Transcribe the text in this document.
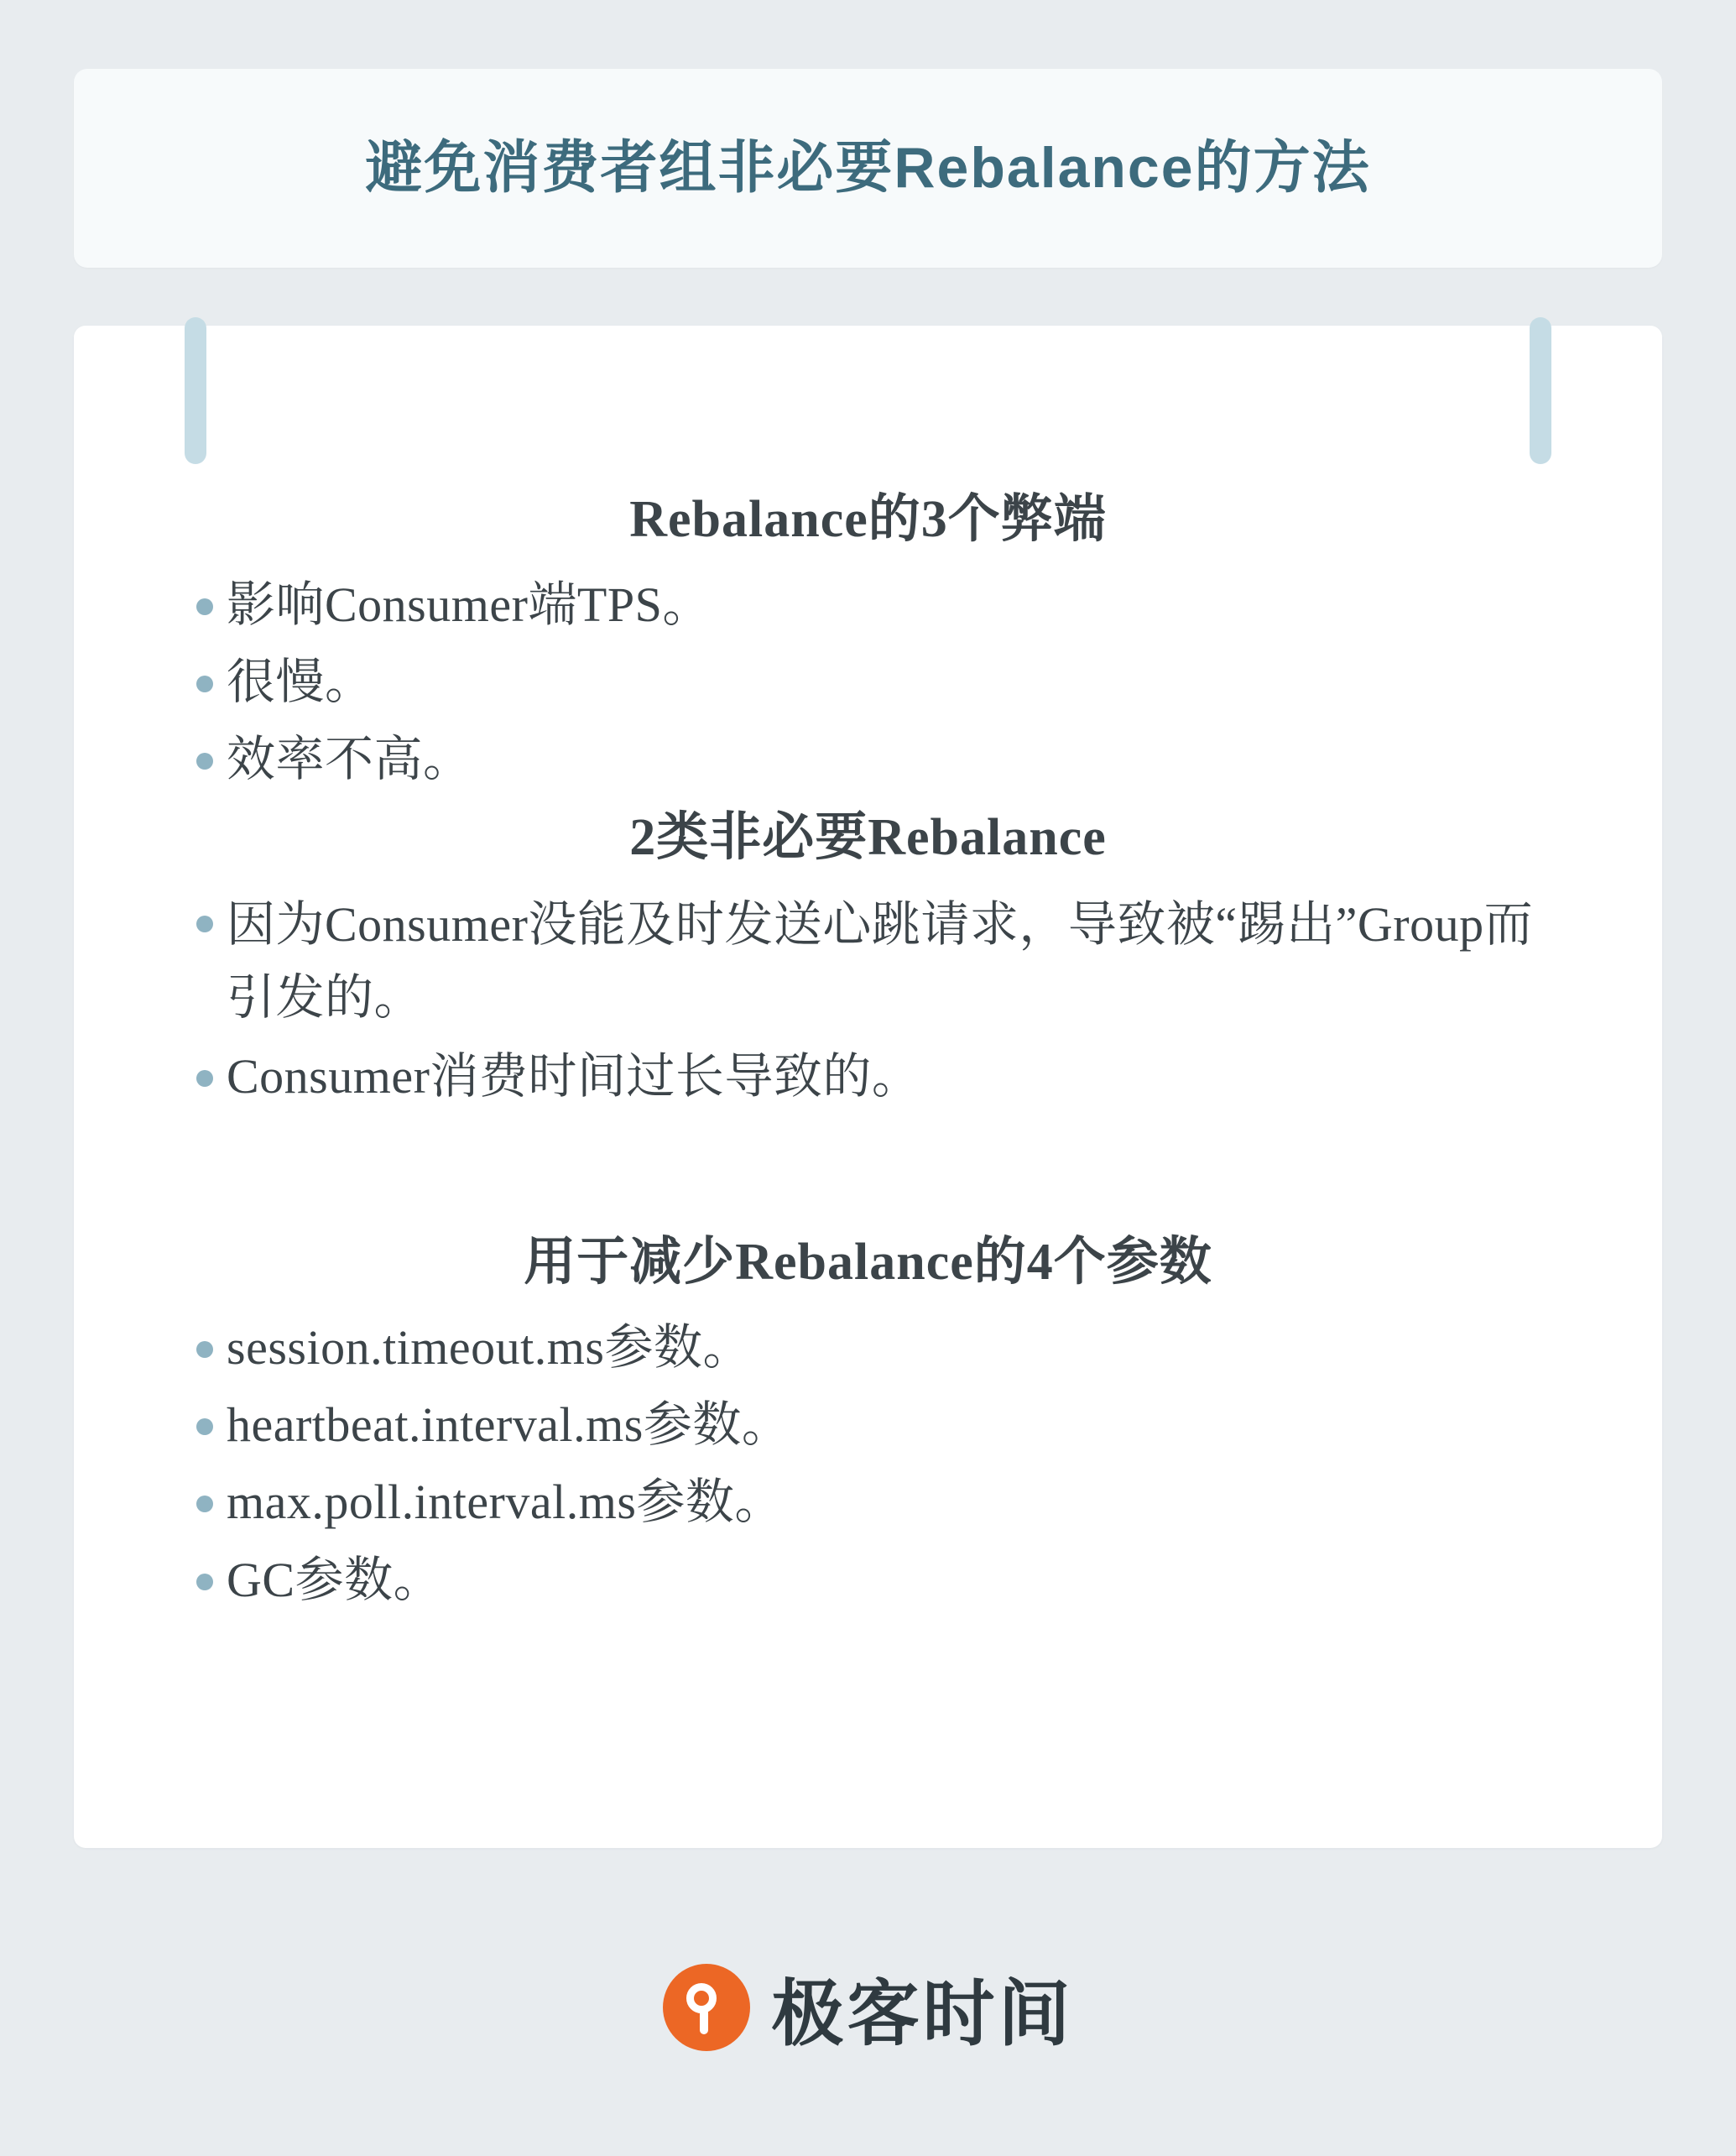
避免消费者组非必要Rebalance的方法
Rebalance的3个弊端
影响Consumer端TPS。
很慢。
效率不高。
2类非必要Rebalance
因为Consumer没能及时发送心跳请求，导致被“踢出”Group而引发的。
Consumer消费时间过长导致的。
用于减少Rebalance的4个参数
session.timeout.ms参数。
heartbeat.interval.ms参数。
max.poll.interval.ms参数。
GC参数。
极客时间
